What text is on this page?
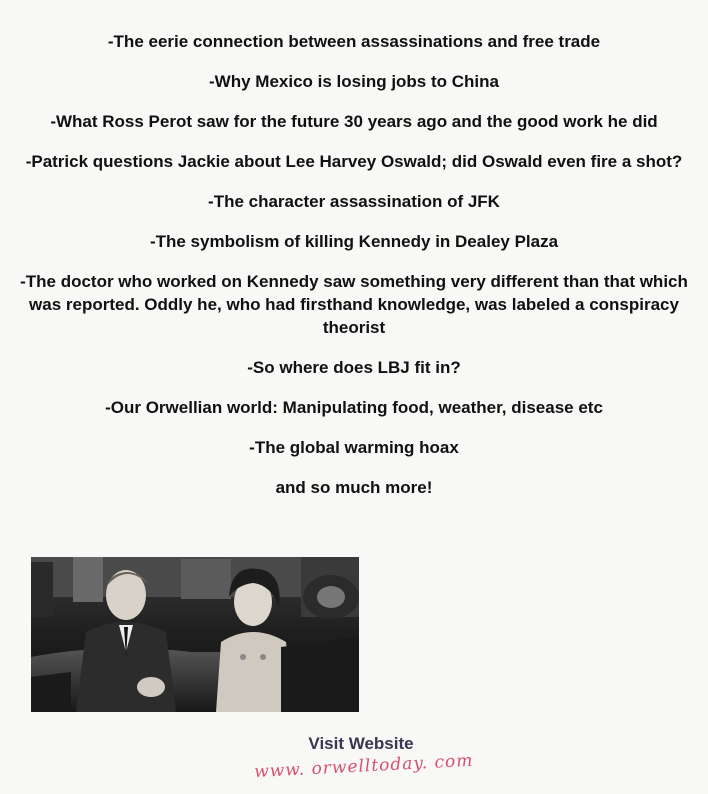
-The eerie connection between assassinations and free trade

-Why Mexico is losing jobs to China

-What Ross Perot saw for the future 30 years ago and the good work he did

-Patrick questions Jackie about Lee Harvey Oswald; did Oswald even fire a shot?

-The character assassination of JFK

-The symbolism of killing Kennedy in Dealey Plaza

-The doctor who worked on Kennedy saw something very different than that which was reported. Oddly he, who had firsthand knowledge, was labeled a conspiracy theorist

-So where does LBJ fit in?

-Our Orwellian world: Manipulating food, weather, disease etc

-The global warming hoax

and so much more!

Visit Website
www. orwelltoday. com
